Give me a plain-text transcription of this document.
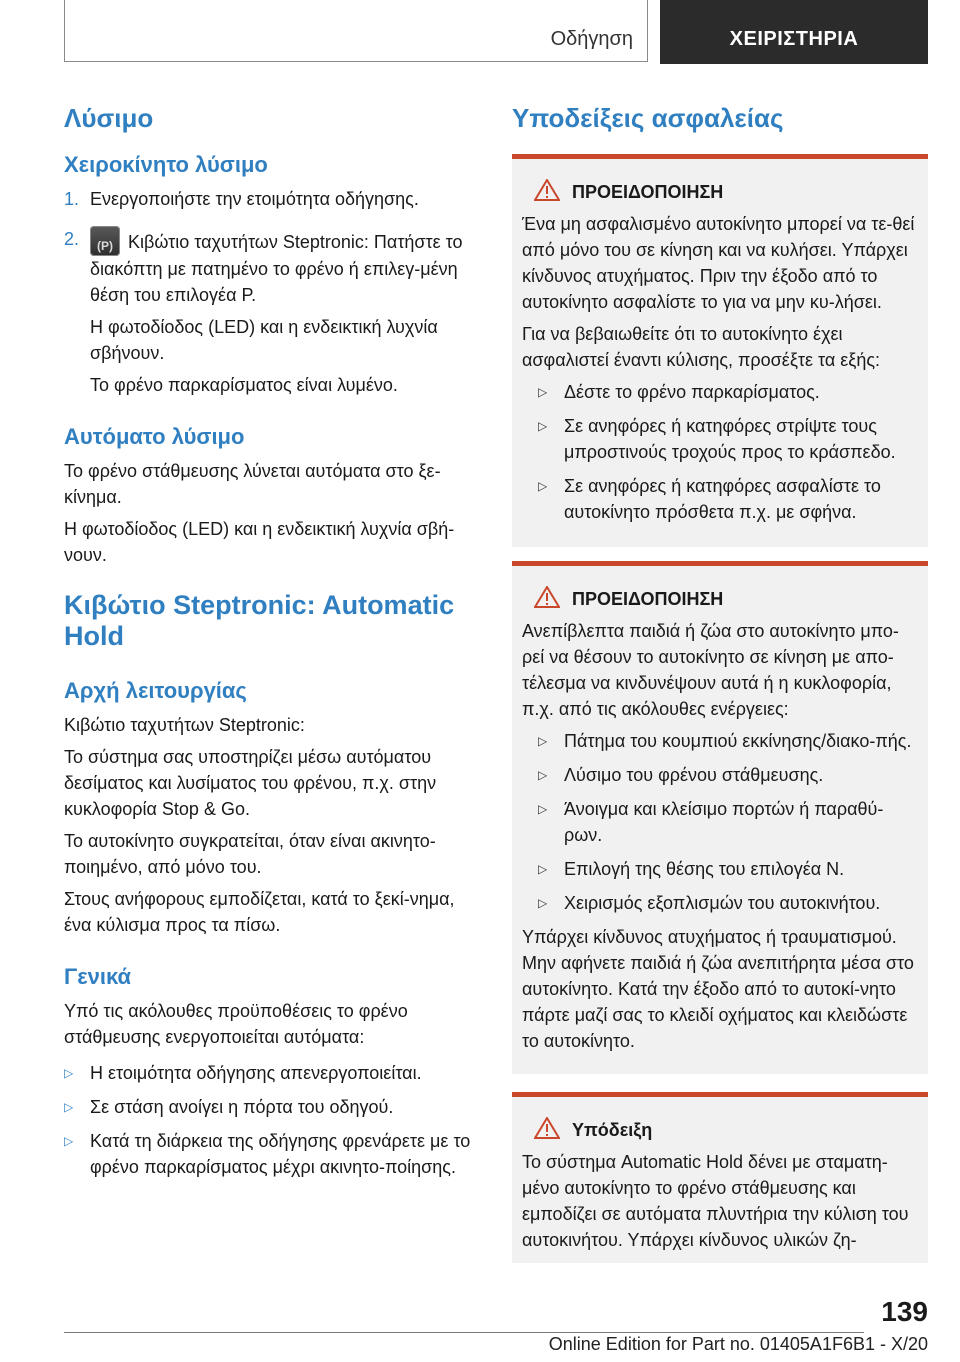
Οδήγηση	ΧΕΙΡΙΣΤΗΡΙΑ
Λύσιμο
Χειροκίνητο λύσιμο
1. Ενεργοποιήστε την ετοιμότητα οδήγησης.
2.
(P)	Κιβώτιο ταχυτήτων Steptronic: Πατήστε το διακόπτη με πατημένο το φρένο ή επιλεγ-μένη θέση του επιλογέα P.

Η φωτοδίοδος (LED) και η ενδεικτική λυχνία σβήνουν.

Το φρένο παρκαρίσματος είναι λυμένο.

Αυτόματο λύσιμο

Το φρένο στάθμευσης λύνεται αυτόματα στο ξε-κίνημα.

Η φωτοδίοδος (LED) και η ενδεικτική λυχνία σβή-νουν.

Κιβώτιο Steptronic: Automatic Hold
Αρχή λειτουργίας

Κιβώτιο ταχυτήτων Steptronic:

Το σύστημα σας υποστηρίζει μέσω αυτόματου δεσίματος και λυσίματος του φρένου, π.χ. στην κυκλοφορία Stop & Go.

Το αυτοκίνητο συγκρατείται, όταν είναι ακινητο-ποιημένο, από μόνο του.

Στους ανήφορους εμποδίζεται, κατά το ξεκί-νημα, ένα κύλισμα προς τα πίσω.

Γενικά

Υπό τις ακόλουθες προϋποθέσεις το φρένο στάθμευσης ενεργοποιείται αυτόματα:

▷ Η ετοιμότητα οδήγησης απενεργοποιείται.
▷ Σε στάση ανοίγει η πόρτα του οδηγού.
▷ Κατά τη διάρκεια της οδήγησης φρενάρετε με το φρένο παρκαρίσματος μέχρι ακινητο-ποίησης.
Υποδείξεις ασφαλείας
ΠΡΟΕΙΔΟΠΟΙΗΣΗ

Ένα μη ασφαλισμένο αυτοκίνητο μπορεί να τε-θεί από μόνο του σε κίνηση και να κυλήσει. Υπάρχει κίνδυνος ατυχήματος. Πριν την έξοδο από το αυτοκίνητο ασφαλίστε το για να μην κυ-λήσει.

Για να βεβαιωθείτε ότι το αυτοκίνητο έχει ασφαλιστεί έναντι κύλισης, προσέξτε τα εξής:

▷ Δέστε το φρένο παρκαρίσματος.
▷ Σε ανηφόρες ή κατηφόρες στρίψτε τους μπροστινούς τροχούς προς το κράσπεδο.
▷ Σε ανηφόρες ή κατηφόρες ασφαλίστε το αυτοκίνητο πρόσθετα π.χ. με σφήνα.
ΠΡΟΕΙΔΟΠΟΙΗΣΗ

Ανεπίβλεπτα παιδιά ή ζώα στο αυτοκίνητο μπο-ρεί να θέσουν το αυτοκίνητο σε κίνηση με απο-τέλεσμα να κινδυνέψουν αυτά ή η κυκλοφορία, π.χ. από τις ακόλουθες ενέργειες:

▷ Πάτημα του κουμπιού εκκίνησης/διακο-πής.
▷ Λύσιμο του φρένου στάθμευσης.
▷ Άνοιγμα και κλείσιμο πορτών ή παραθύ-ρων.
▷ Επιλογή της θέσης του επιλογέα N.
▷ Χειρισμός εξοπλισμών του αυτοκινήτου.

Υπάρχει κίνδυνος ατυχήματος ή τραυματισμού. Μην αφήνετε παιδιά ή ζώα ανεπιτήρητα μέσα στο αυτοκίνητο. Κατά την έξοδο από το αυτοκί-νητο πάρτε μαζί σας το κλειδί οχήματος και κλειδώστε το αυτοκίνητο.

Υπόδειξη

Το σύστημα Automatic Hold δένει με σταματη-μένο αυτοκίνητο το φρένο στάθμευσης και εμποδίζει σε αυτόματα πλυντήρια την κύλιση του αυτοκινήτου. Υπάρχει κίνδυνος υλικών ζη-

139
Online Edition for Part no. 01405A1F6B1 - X/20
